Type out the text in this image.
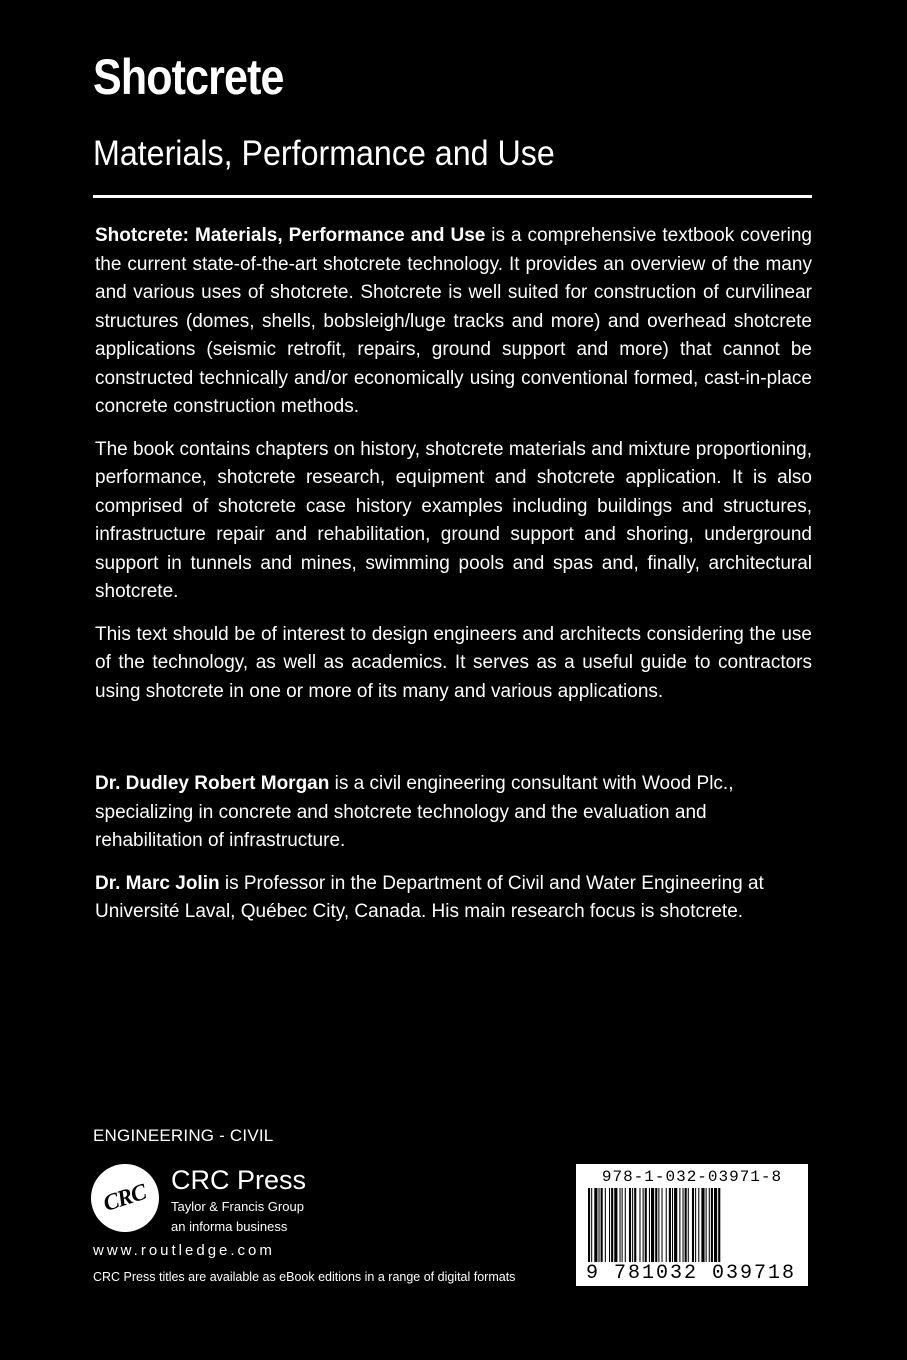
Shotcrete
Materials, Performance and Use

Shotcrete: Materials, Performance and Use is a comprehensive textbook covering the current state-of-the-art shotcrete technology. It provides an overview of the many and various uses of shotcrete. Shotcrete is well suited for construction of curvilinear structures (domes, shells, bobsleigh/luge tracks and more) and overhead shotcrete applications (seismic retrofit, repairs, ground support and more) that cannot be constructed technically and/or economically using conventional formed, cast-in-place concrete construction methods.

The book contains chapters on history, shotcrete materials and mixture proportioning, performance, shotcrete research, equipment and shotcrete application. It is also comprised of shotcrete case history examples including buildings and structures, infrastructure repair and rehabilitation, ground support and shoring, underground support in tunnels and mines, swimming pools and spas and, finally, architectural shotcrete.

This text should be of interest to design engineers and architects considering the use of the technology, as well as academics. It serves as a useful guide to contractors using shotcrete in one or more of its many and various applications.

Dr. Dudley Robert Morgan is a civil engineering consultant with Wood Plc., specializing in concrete and shotcrete technology and the evaluation and rehabilitation of infrastructure.

Dr. Marc Jolin is Professor in the Department of Civil and Water Engineering at Université Laval, Québec City, Canada. His main research focus is shotcrete.

ENGINEERING - CIVIL
CRC CRC Press
Taylor & Francis Group
an informa business
www.routledge.com
CRC Press titles are available as eBook editions in a range of digital formats
978-1-032-03971-8
9 781032 039718
